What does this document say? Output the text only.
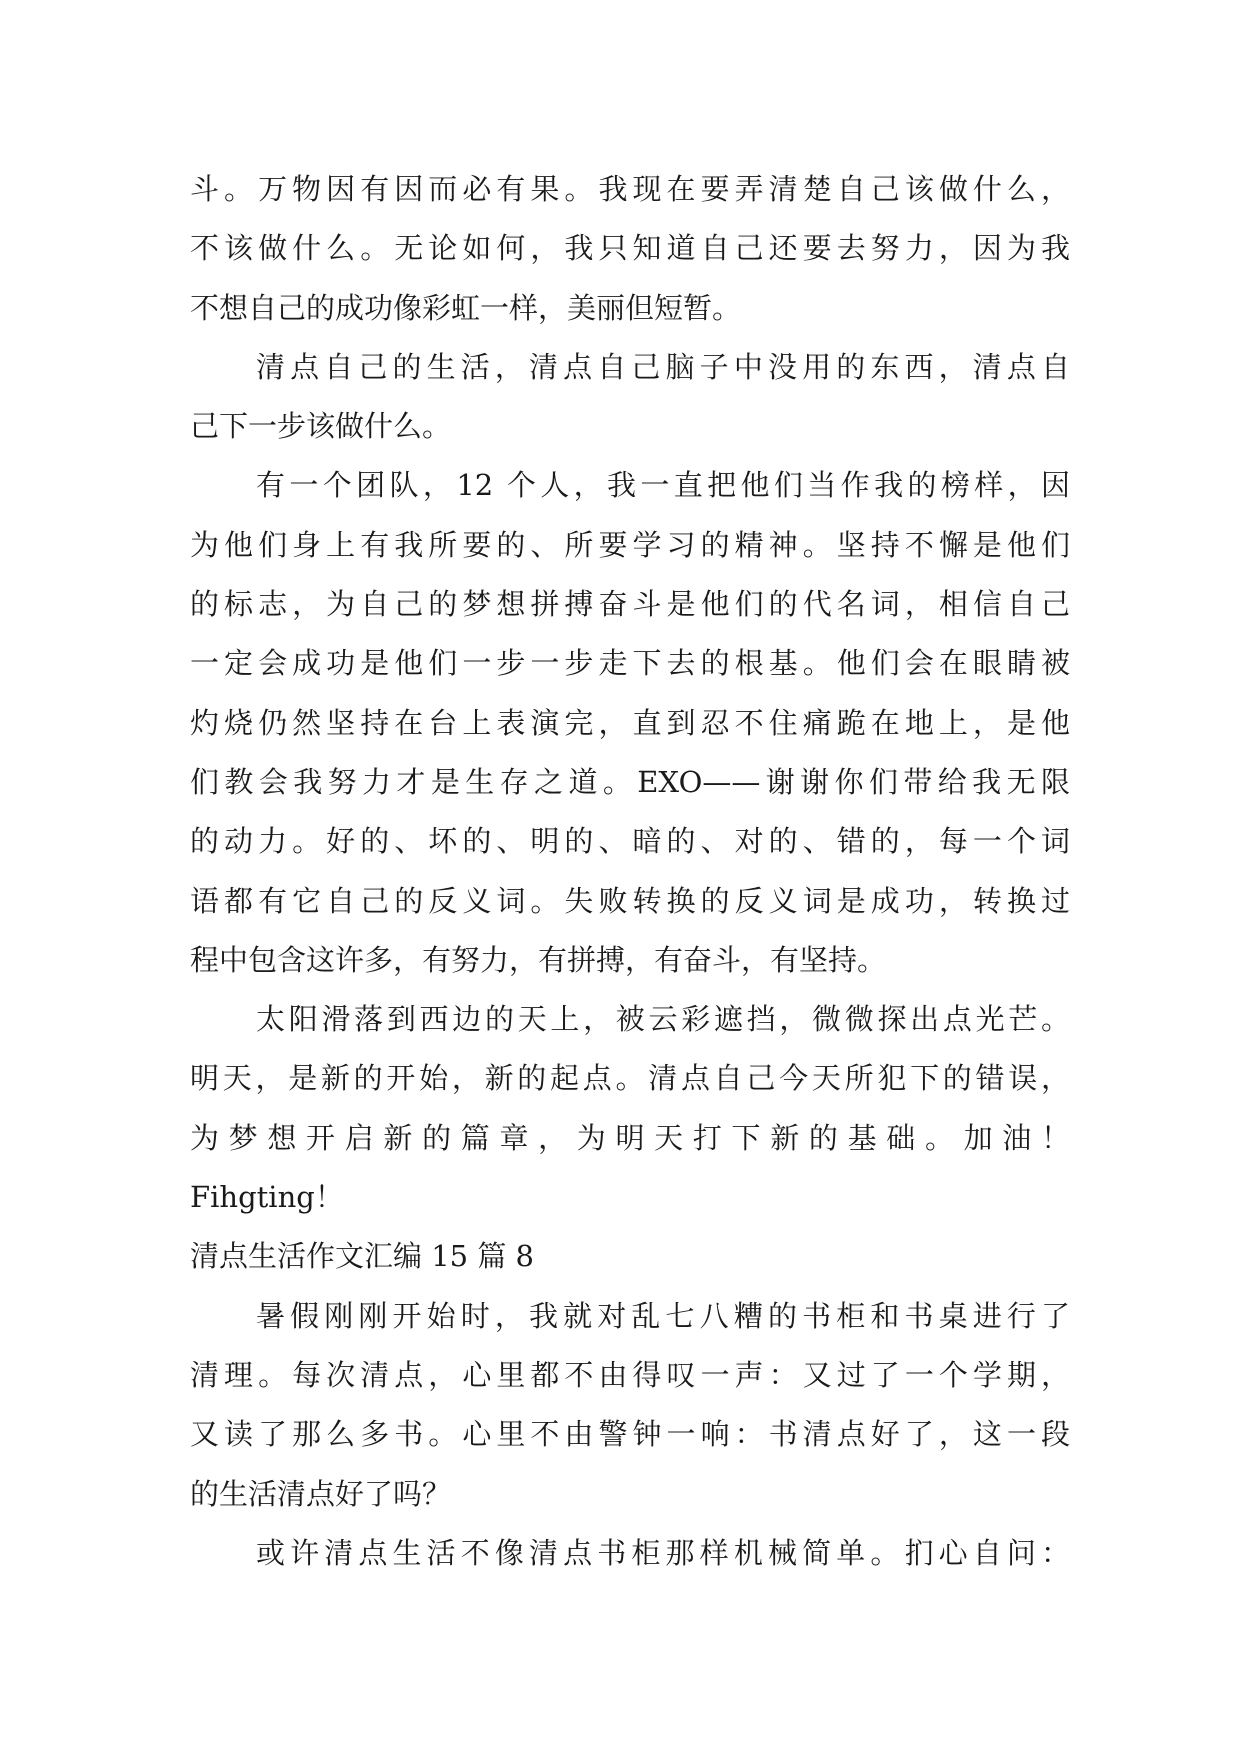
斗。万物因有因而必有果。我现在要弄清楚自己该做什么，
不该做什么。无论如何，我只知道自己还要去努力，因为我
不想自己的成功像彩虹一样，美丽但短暂。
清点自己的生活，清点自己脑子中没用的东西，清点自
己下一步该做什么。
有一个团队，12 个人，我一直把他们当作我的榜样，因
为他们身上有我所要的、所要学习的精神。坚持不懈是他们
的标志，为自己的梦想拼搏奋斗是他们的代名词，相信自己
一定会成功是他们一步一步走下去的根基。他们会在眼睛被
灼烧仍然坚持在台上表演完，直到忍不住痛跪在地上，是他
们教会我努力才是生存之道。EXO——谢谢你们带给我无限
的动力。好的、坏的、明的、暗的、对的、错的，每一个词
语都有它自己的反义词。失败转换的反义词是成功，转换过
程中包含这许多，有努力，有拼搏，有奋斗，有坚持。
太阳滑落到西边的天上，被云彩遮挡，微微探出点光芒。
明天，是新的开始，新的起点。清点自己今天所犯下的错误，
为梦想开启新的篇章，为明天打下新的基础。加油！
Fihgting！
清点生活作文汇编 15 篇 8
暑假刚刚开始时，我就对乱七八糟的书柜和书桌进行了
清理。每次清点，心里都不由得叹一声：又过了一个学期，
又读了那么多书。心里不由警钟一响：书清点好了，这一段
的生活清点好了吗？
或许清点生活不像清点书柜那样机械简单。扪心自问：
